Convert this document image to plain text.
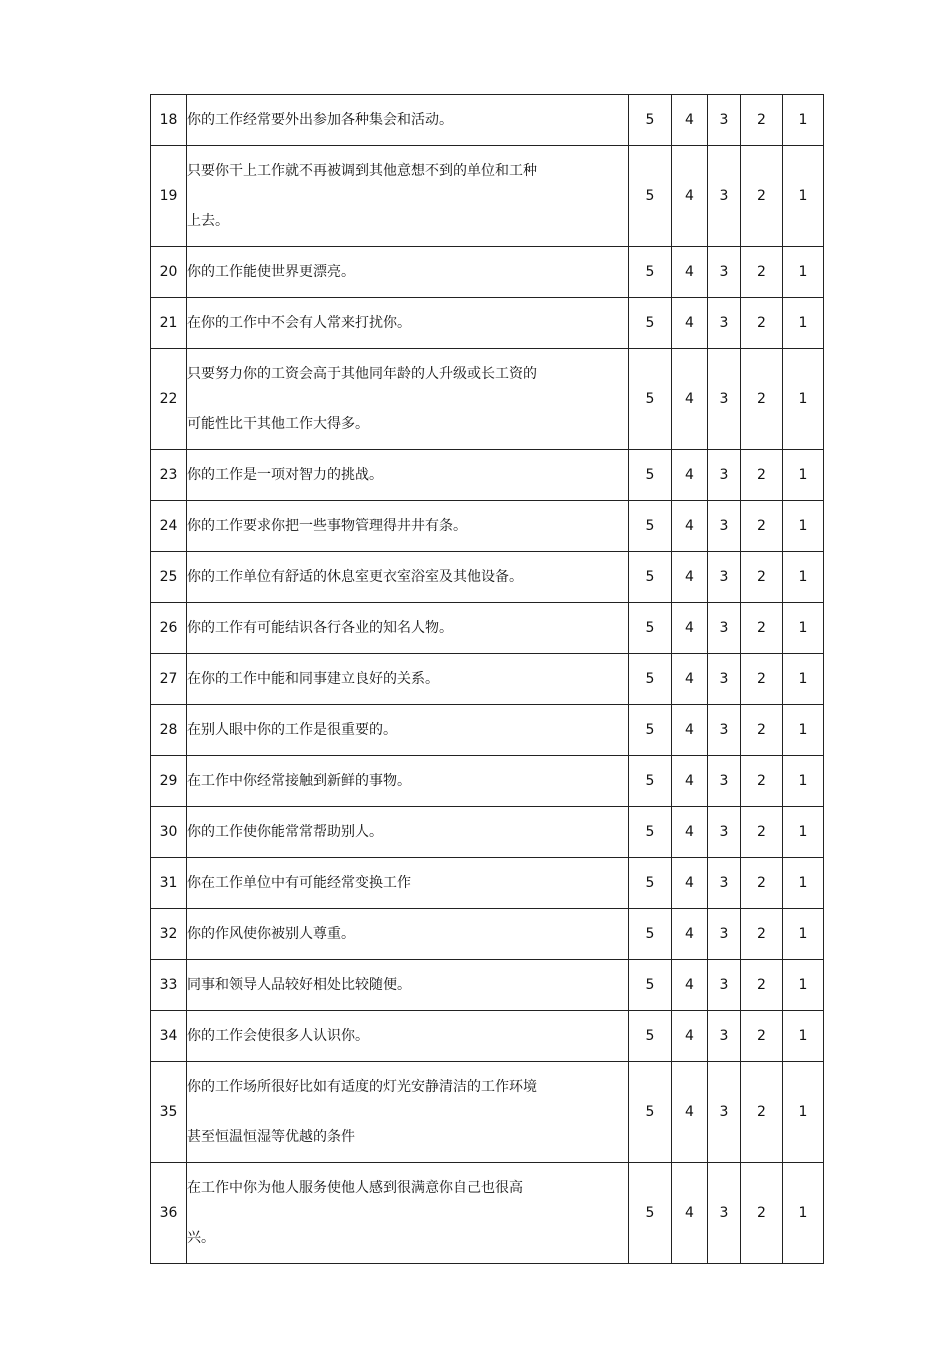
18	你的工作经常要外出参加各种集会和活动。	5	4	3	2	1
19	只要你干上工作就不再被调到其他意想不到的单位和工种
上去。	5	4	3	2	1
20	你的工作能使世界更漂亮。	5	4	3	2	1
21	在你的工作中不会有人常来打扰你。	5	4	3	2	1
22	只要努力你的工资会高于其他同年龄的人升级或长工资的
可能性比干其他工作大得多。	5	4	3	2	1
23	你的工作是一项对智力的挑战。	5	4	3	2	1
24	你的工作要求你把一些事物管理得井井有条。	5	4	3	2	1
25	你的工作单位有舒适的休息室更衣室浴室及其他设备。	5	4	3	2	1
26	你的工作有可能结识各行各业的知名人物。	5	4	3	2	1
27	在你的工作中能和同事建立良好的关系。	5	4	3	2	1
28	在别人眼中你的工作是很重要的。	5	4	3	2	1
29	在工作中你经常接触到新鲜的事物。	5	4	3	2	1
30	你的工作使你能常常帮助别人。	5	4	3	2	1
31	你在工作单位中有可能经常变换工作	5	4	3	2	1
32	你的作风使你被别人尊重。	5	4	3	2	1
33	同事和领导人品较好相处比较随便。	5	4	3	2	1
34	你的工作会使很多人认识你。	5	4	3	2	1
35	你的工作场所很好比如有适度的灯光安静清洁的工作环境
甚至恒温恒湿等优越的条件	5	4	3	2	1
36	在工作中你为他人服务使他人感到很满意你自己也很高
兴。	5	4	3	2	1
